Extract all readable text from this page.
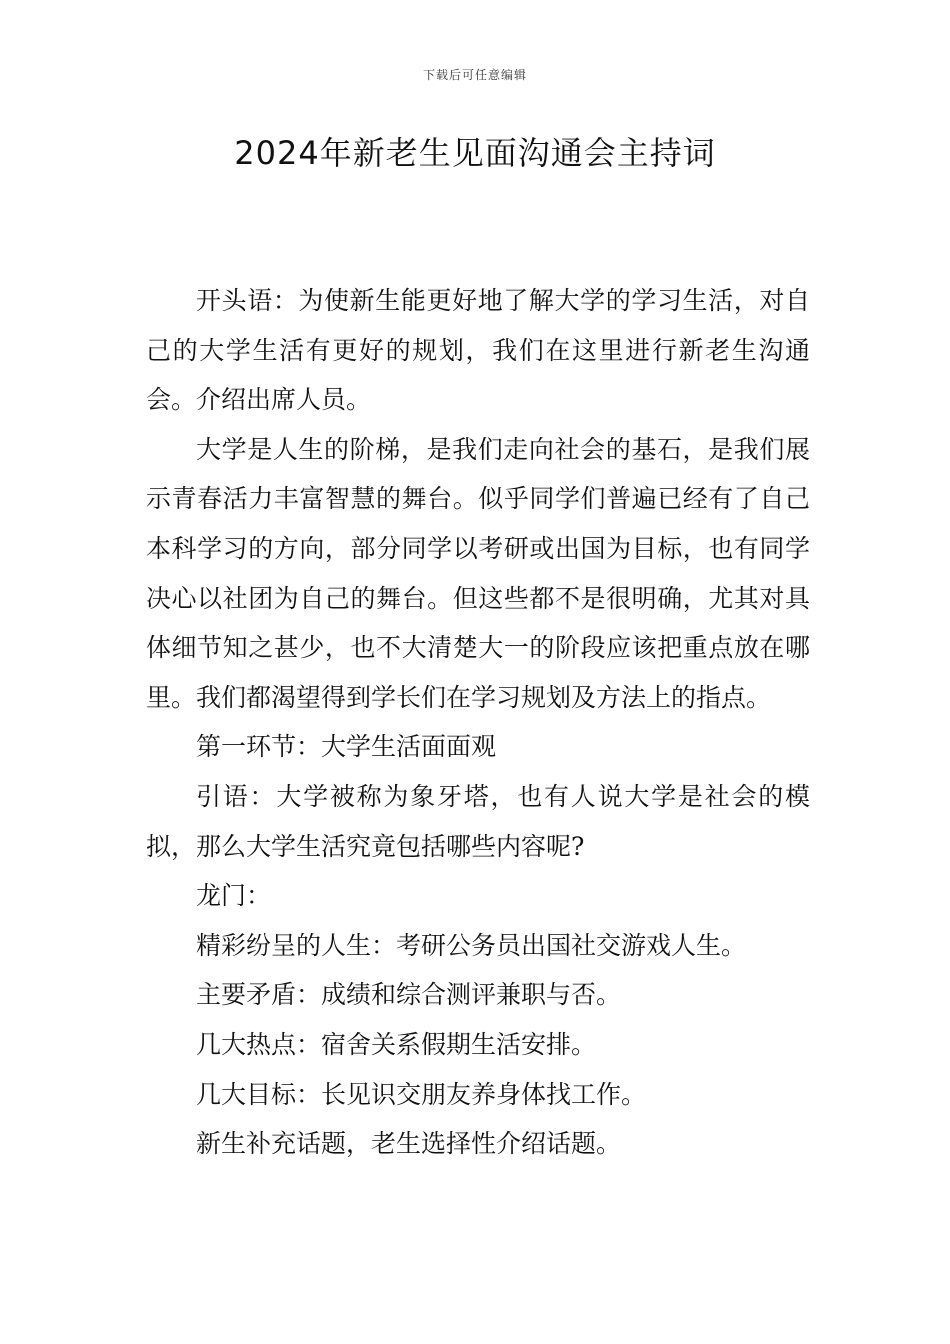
下载后可任意编辑
2024年新老生见面沟通会主持词

开头语：为使新生能更好地了解大学的学习生活，对自己的大学生活有更好的规划，我们在这里进行新老生沟通会。介绍出席人员。

大学是人生的阶梯，是我们走向社会的基石，是我们展示青春活力丰富智慧的舞台。似乎同学们普遍已经有了自己本科学习的方向，部分同学以考研或出国为目标，也有同学决心以社团为自己的舞台。但这些都不是很明确，尤其对具体细节知之甚少，也不大清楚大一的阶段应该把重点放在哪里。我们都渴望得到学长们在学习规划及方法上的指点。

第一环节：大学生活面面观

引语：大学被称为象牙塔，也有人说大学是社会的模拟，那么大学生活究竟包括哪些内容呢?

龙门：

精彩纷呈的人生：考研公务员出国社交游戏人生。

主要矛盾：成绩和综合测评兼职与否。

几大热点：宿舍关系假期生活安排。

几大目标：长见识交朋友养身体找工作。

新生补充话题，老生选择性介绍话题。
